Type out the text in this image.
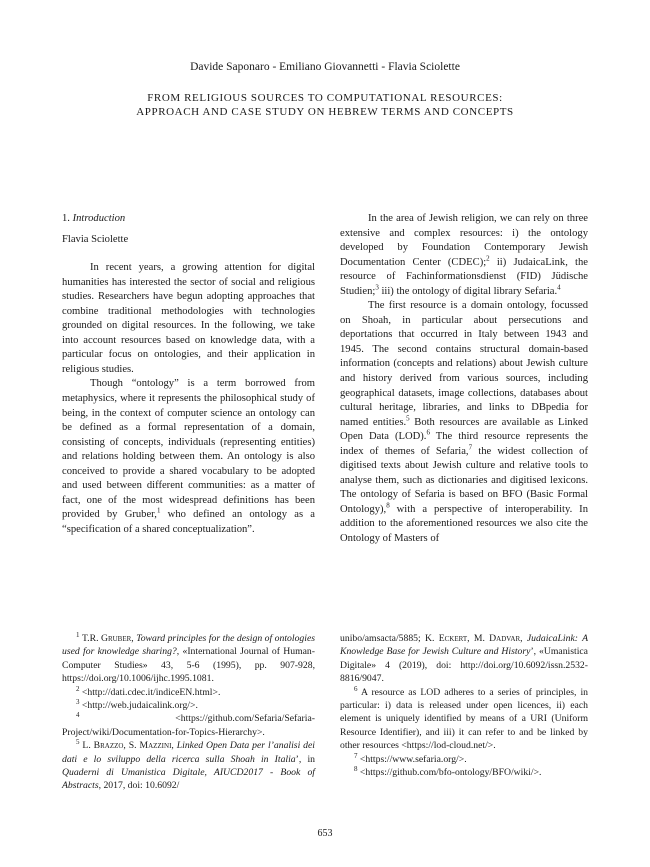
Davide Saponaro - Emiliano Giovannetti - Flavia Sciolette
FROM RELIGIOUS SOURCES TO COMPUTATIONAL RESOURCES:
APPROACH AND CASE STUDY ON HEBREW TERMS AND CONCEPTS

1. Introduction

Flavia Sciolette

In recent years, a growing attention for digital humanities has interested the sector of social and religious studies. Researchers have begun adopting approaches that combine traditional methodologies with technologies grounded on digital resources. In the following, we take into account resources based on knowledge data, with a particular focus on ontologies, and their application in religious studies.

Though “ontology” is a term borrowed from metaphysics, where it represents the philosophical study of being, in the context of computer science an ontology can be defined as a formal representation of a domain, consisting of concepts, individuals (representing entities) and relations holding between them. An ontology is also conceived to provide a shared vocabulary to be adopted and used between different communities: as a matter of fact, one of the most widespread definitions has been provided by Gruber,$^1$ who defined an ontology as a “specification of a shared conceptualization”.

In the area of Jewish religion, we can rely on three extensive and complex resources: i) the ontology developed by Foundation Contemporary Jewish Documentation Center (CDEC);$^2$ ii) JudaicaLink, the resource of Fachinformationsdienst (FID) Jüdische Studien;$^3$ iii) the ontology of digital library Sefaria.$^4$

The first resource is a domain ontology, focussed on Shoah, in particular about persecutions and deportations that occurred in Italy between 1943 and 1945. The second contains structural domain-based information (concepts and relations) about Jewish culture and history derived from various sources, including geographical datasets, image collections, databases about cultural heritage, libraries, and links to DBpedia for named entities.$^5$ Both resources are available as Linked Open Data (LOD).$^6$ The third resource represents the index of themes of Sefaria,$^7$ the widest collection of digitised texts about Jewish culture and relative tools to analyse them, such as dictionaries and digitised lexicons. The ontology of Sefaria is based on BFO (Basic Formal Ontology),$^8$ with a perspective of interoperability. In addition to the aforementioned resources we also cite the Ontology of Masters of

$^1$ T.R. Gruber, Toward principles for the design of ontologies used for knowledge sharing?, «International Journal of Human-Computer Studies» 43, 5-6 (1995), pp. 907-928, https://doi.org/10.1006/ijhc.1995.1081.

$^2$ <http://dati.cdec.it/indiceEN.html>.

$^3$ <http://web.judaicalink.org/>.

$^4$	<https://github.com/Sefaria/Sefaria-Project/wiki/Documentation-for-Topics-Hierarchy>.

$^5$ L. Brazzo, S. Mazzini, Linked Open Data per l’analisi dei dati e lo sviluppo della ricerca sulla Shoah in Italia’, in Quaderni di Umanistica Digitale, AIUCD2017 - Book of Abstracts, 2017, doi: 10.6092/

unibo/amsacta/5885; K. Eckert, M. Dadvar, JudaicaLink: A Knowledge Base for Jewish Culture and History’, «Umanistica Digitale» 4 (2019), doi: http://doi.org/10.6092/issn.2532-8816/9047.

$^6$ A resource as LOD adheres to a series of principles, in particular: i) data is released under open licences, ii) each element is uniquely identified by means of a URI (Uniform Resource Identifier), and iii) it can refer to and be linked by other resources <https://lod-cloud.net/>.

$^7$ <https://www.sefaria.org/>.

$^8$ <https://github.com/bfo-ontology/BFO/wiki/>.

653
